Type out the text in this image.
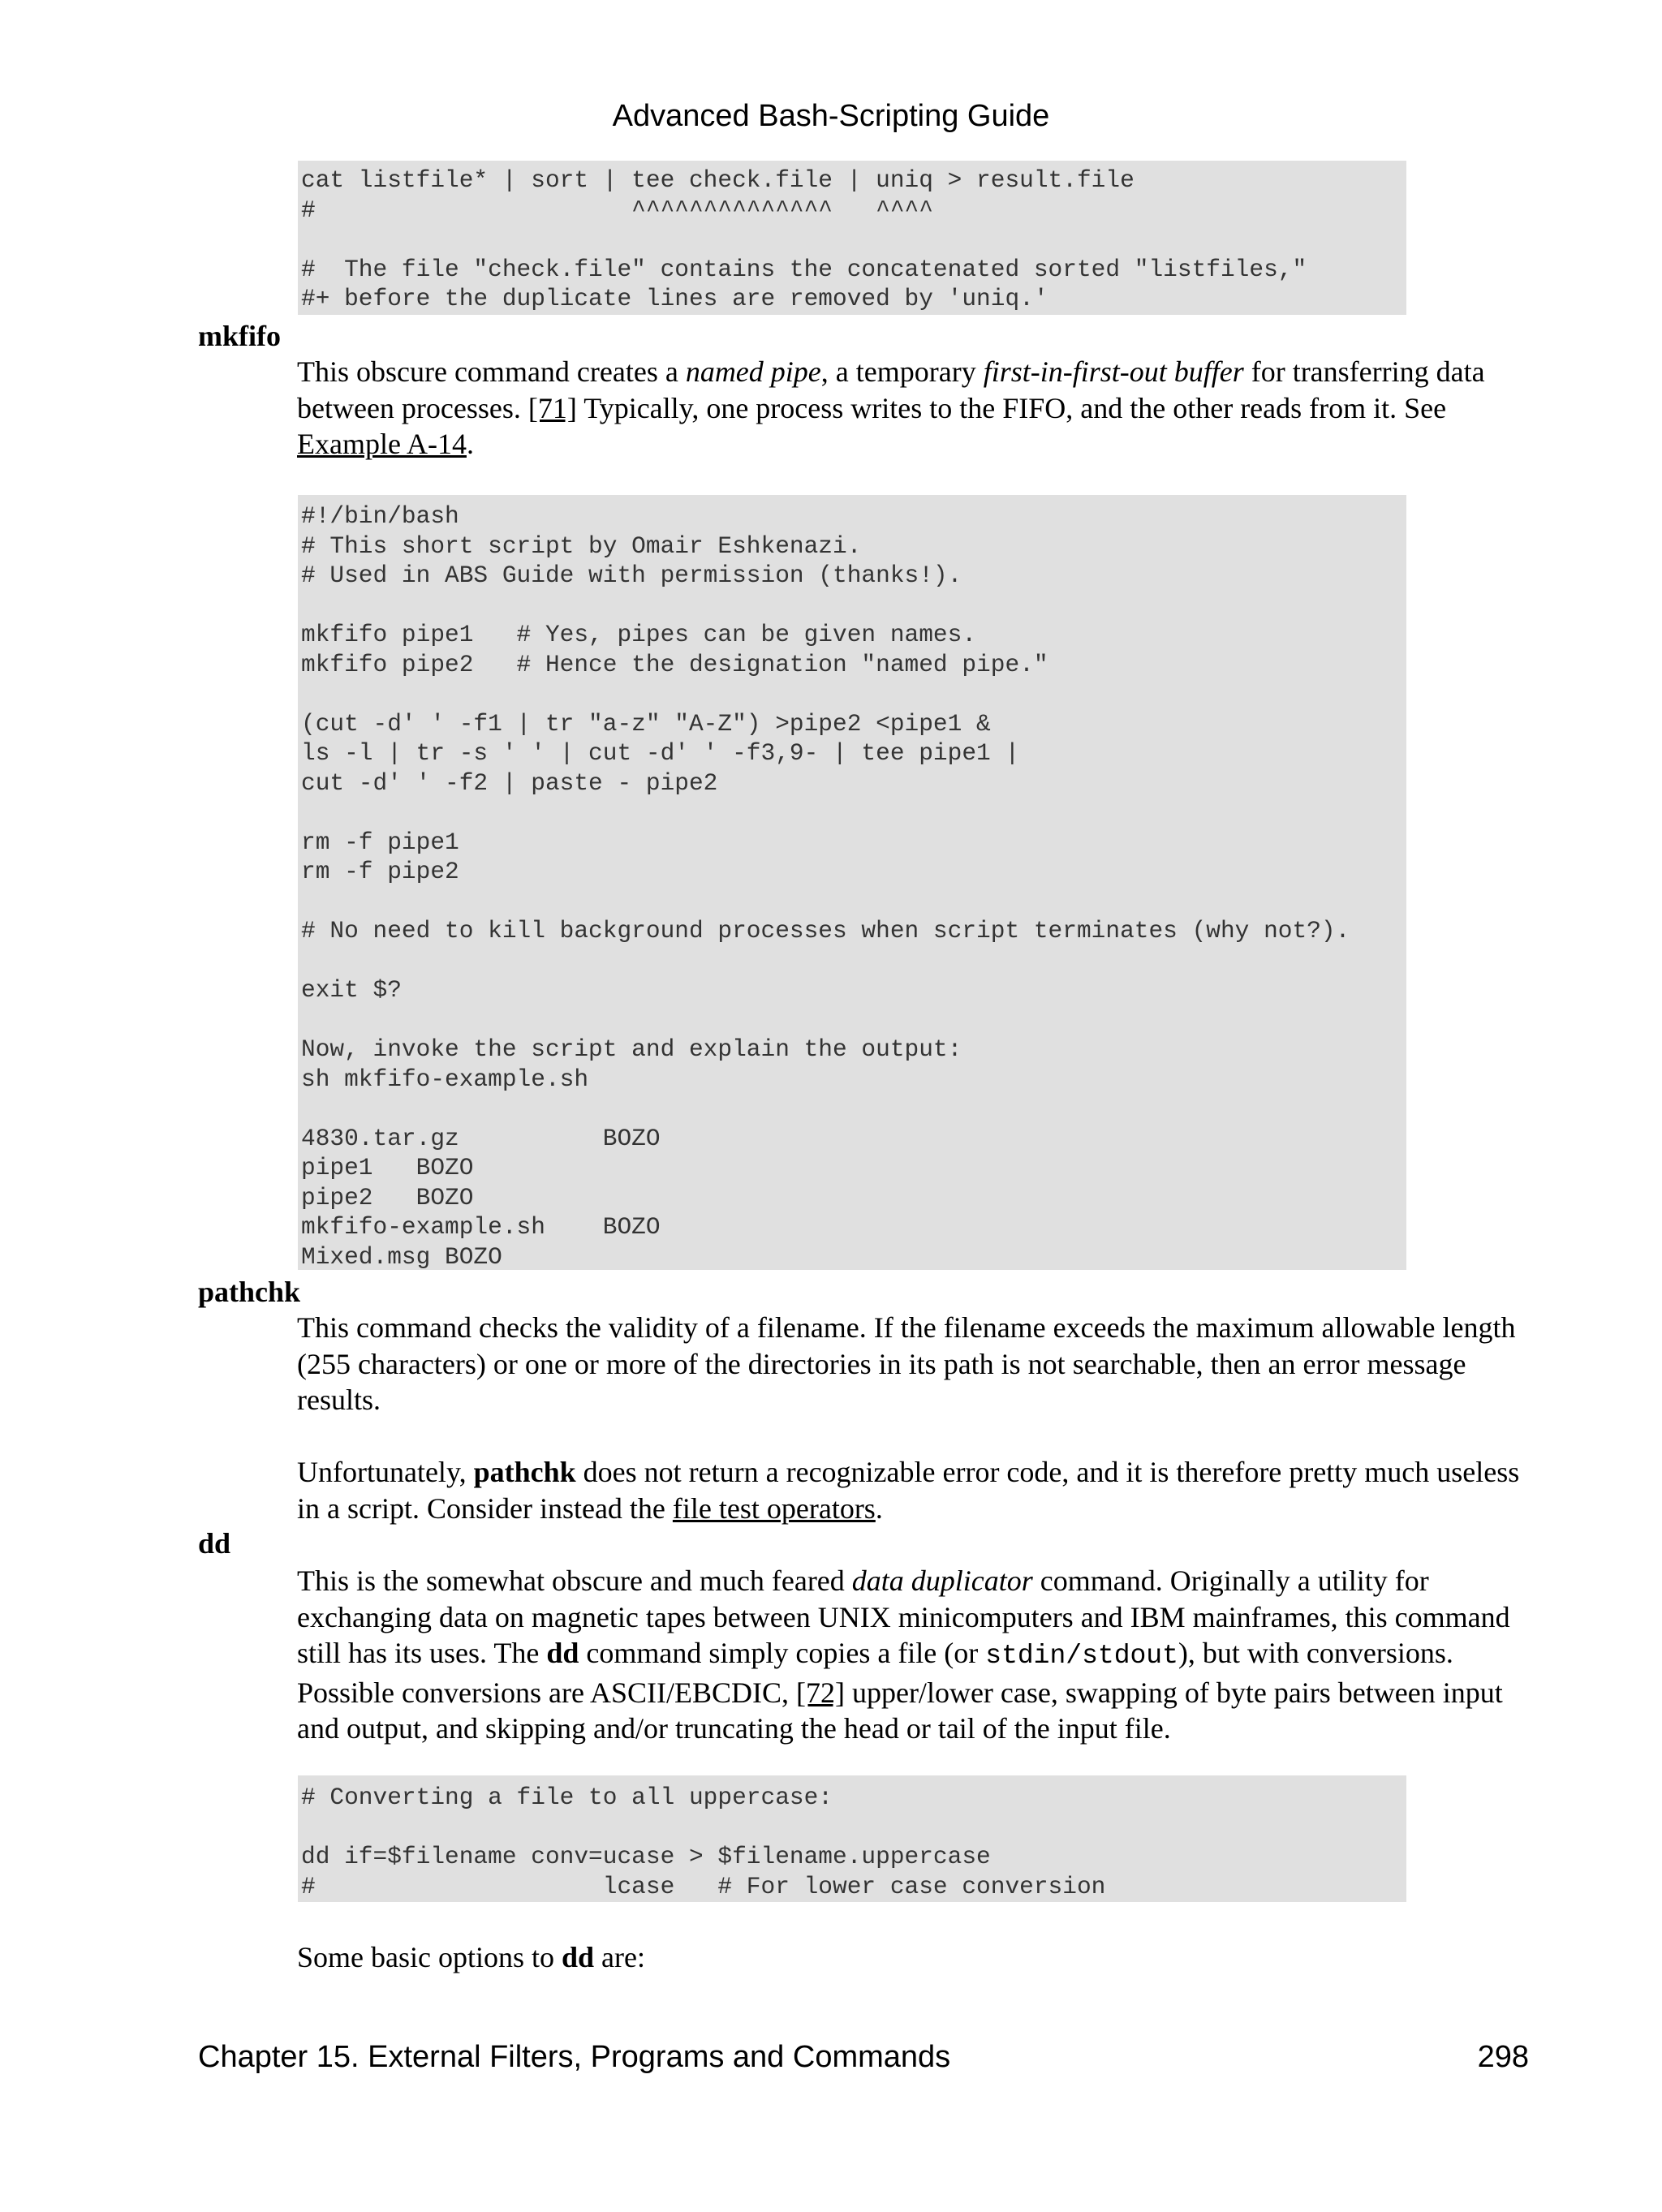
Advanced Bash-Scripting Guide
cat listfile* | sort | tee check.file | uniq > result.file
#                      ^^^^^^^^^^^^^^   ^^^^

#  The file "check.file" contains the concatenated sorted "listfiles,"
#+ before the duplicate lines are removed by 'uniq.'
mkfifo

This obscure command creates a named pipe, a temporary first-in-first-out buffer for transferring data between processes. [71] Typically, one process writes to the FIFO, and the other reads from it. See Example A-14.

#!/bin/bash
# This short script by Omair Eshkenazi.
# Used in ABS Guide with permission (thanks!).

mkfifo pipe1   # Yes, pipes can be given names.
mkfifo pipe2   # Hence the designation "named pipe."

(cut -d' ' -f1 | tr "a-z" "A-Z") >pipe2 <pipe1 &
ls -l | tr -s ' ' | cut -d' ' -f3,9- | tee pipe1 |
cut -d' ' -f2 | paste - pipe2

rm -f pipe1
rm -f pipe2

# No need to kill background processes when script terminates (why not?).

exit $?

Now, invoke the script and explain the output:
sh mkfifo-example.sh

4830.tar.gz          BOZO
pipe1   BOZO
pipe2   BOZO
mkfifo-example.sh    BOZO
Mixed.msg BOZO
pathchk

This command checks the validity of a filename. If the filename exceeds the maximum allowable length (255 characters) or one or more of the directories in its path is not searchable, then an error message results.

Unfortunately, pathchk does not return a recognizable error code, and it is therefore pretty much useless in a script. Consider instead the file test operators.

dd

This is the somewhat obscure and much feared data duplicator command. Originally a utility for exchanging data on magnetic tapes between UNIX minicomputers and IBM mainframes, this command still has its uses. The dd command simply copies a file (or stdin/stdout), but with conversions. Possible conversions are ASCII/EBCDIC, [72] upper/lower case, swapping of byte pairs between input and output, and skipping and/or truncating the head or tail of the input file.

# Converting a file to all uppercase:

dd if=$filename conv=ucase > $filename.uppercase
#                    lcase   # For lower case conversion

Some basic options to dd are:

Chapter 15. External Filters, Programs and Commands	298
